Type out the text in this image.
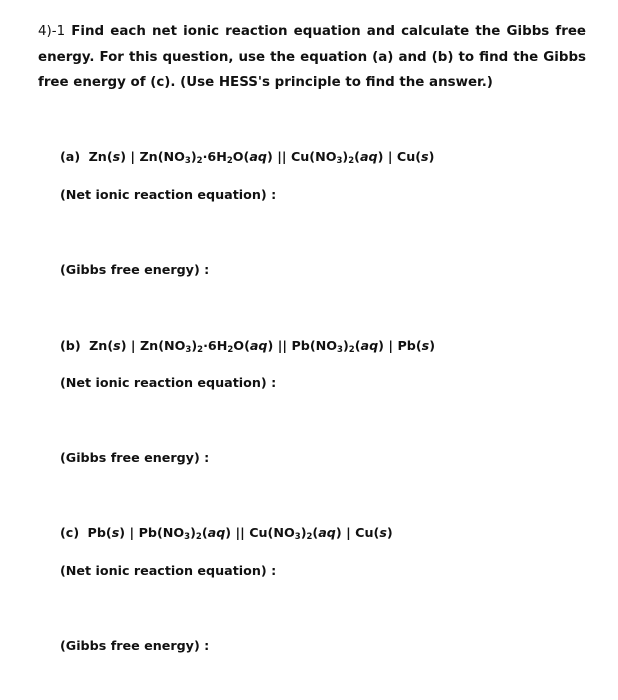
4)-1 Find each net ionic reaction equation and calculate the Gibbs free energy. For this question, use the equation (a) and (b) to find the Gibbs free energy of (c). (Use HESS's principle to find the answer.)
(a) Zn(s) | $Zn(NO_3)_2\cdot 6H_2O(aq)$ || $Cu(NO_3)_2(aq)$ | Cu(s)
(Net ionic reaction equation) :
(Gibbs free energy) :
(b) Zn(s) | $Zn(NO_3)_2\cdot 6H_2O(aq)$ || $Pb(NO_3)_2(aq)$ | Pb(s)
(Net ionic reaction equation) :
(Gibbs free energy) :
(c) Pb(s) | $Pb(NO_3)_2(aq)$ || $Cu(NO_3)_2(aq)$ | Cu(s)
(Net ionic reaction equation) :
(Gibbs free energy) :
